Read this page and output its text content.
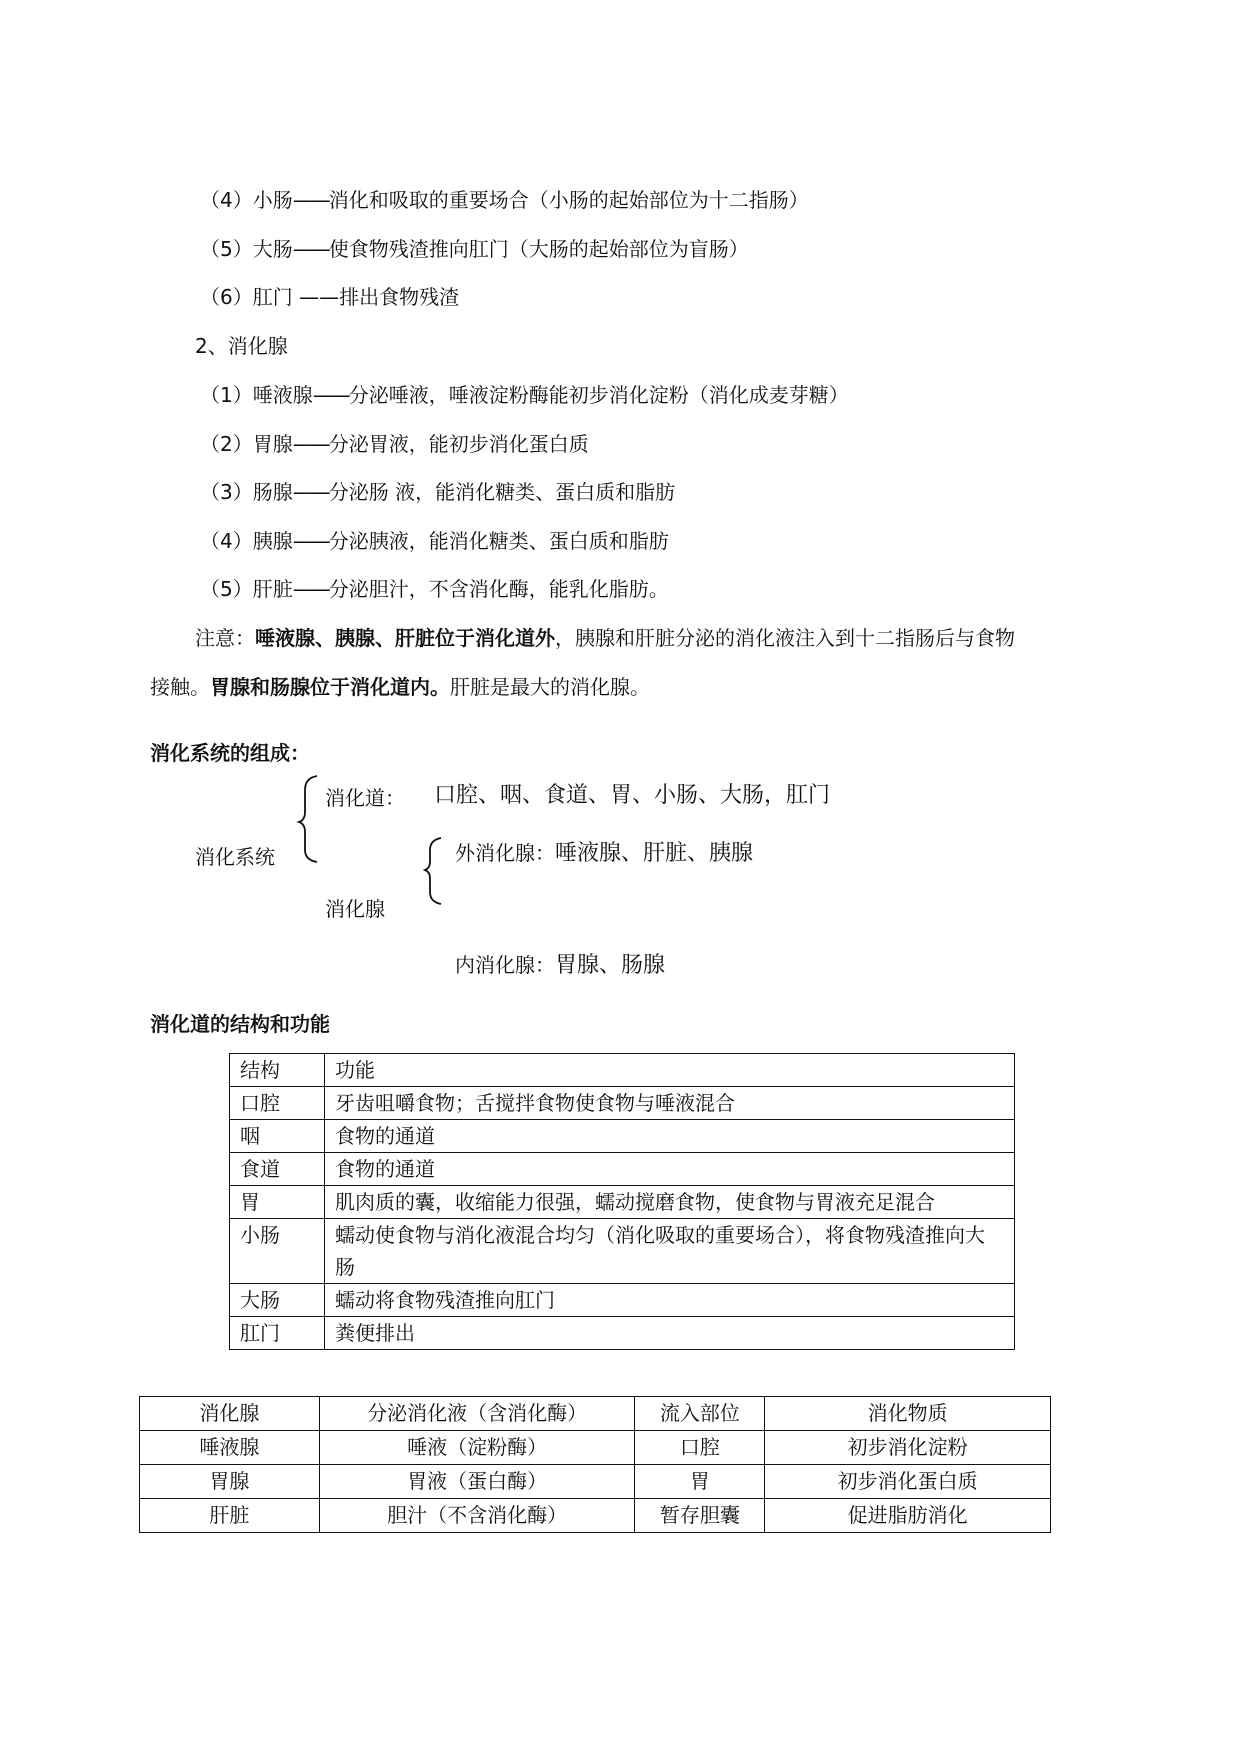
（4）小肠——消化和吸取的重要场合（小肠的起始部位为十二指肠）
（5）大肠——使食物残渣推向肛门（大肠的起始部位为盲肠）
（6）肛门 ——排出食物残渣
2、消化腺
（1）唾液腺——分泌唾液，唾液淀粉酶能初步消化淀粉（消化成麦芽糖）
（2）胃腺——分泌胃液，能初步消化蛋白质
（3）肠腺——分泌肠 液，能消化糖类、蛋白质和脂肪
（4）胰腺——分泌胰液，能消化糖类、蛋白质和脂肪
（5）肝脏——分泌胆汁，不含消化酶，能乳化脂肪。
注意：唾液腺、胰腺、肝脏位于消化道外，胰腺和肝脏分泌的消化液注入到十二指肠后与食物
接触。胃腺和肠腺位于消化道内。肝脏是最大的消化腺。
消化系统的组成：
消化道： 口腔、咽、食道、胃、小肠、大肠，肛门
消化系统	外消化腺：唾液腺、肝脏、胰腺
消化腺
内消化腺：胃腺、肠腺
消化道的结构和功能
结构	功能
口腔	牙齿咀嚼食物；舌搅拌食物使食物与唾液混合
咽	食物的通道
食道	食物的通道
胃	肌肉质的囊，收缩能力很强，蠕动搅磨食物，使食物与胃液充足混合
小肠	蠕动使食物与消化液混合均匀（消化吸取的重要场合），将食物残渣推向大肠
大肠	蠕动将食物残渣推向肛门
肛门	粪便排出
消化腺	分泌消化液（含消化酶）	流入部位	消化物质
唾液腺	唾液（淀粉酶）	口腔	初步消化淀粉
胃腺	胃液（蛋白酶）	胃	初步消化蛋白质
肝脏	胆汁（不含消化酶）	暂存胆囊	促进脂肪消化
